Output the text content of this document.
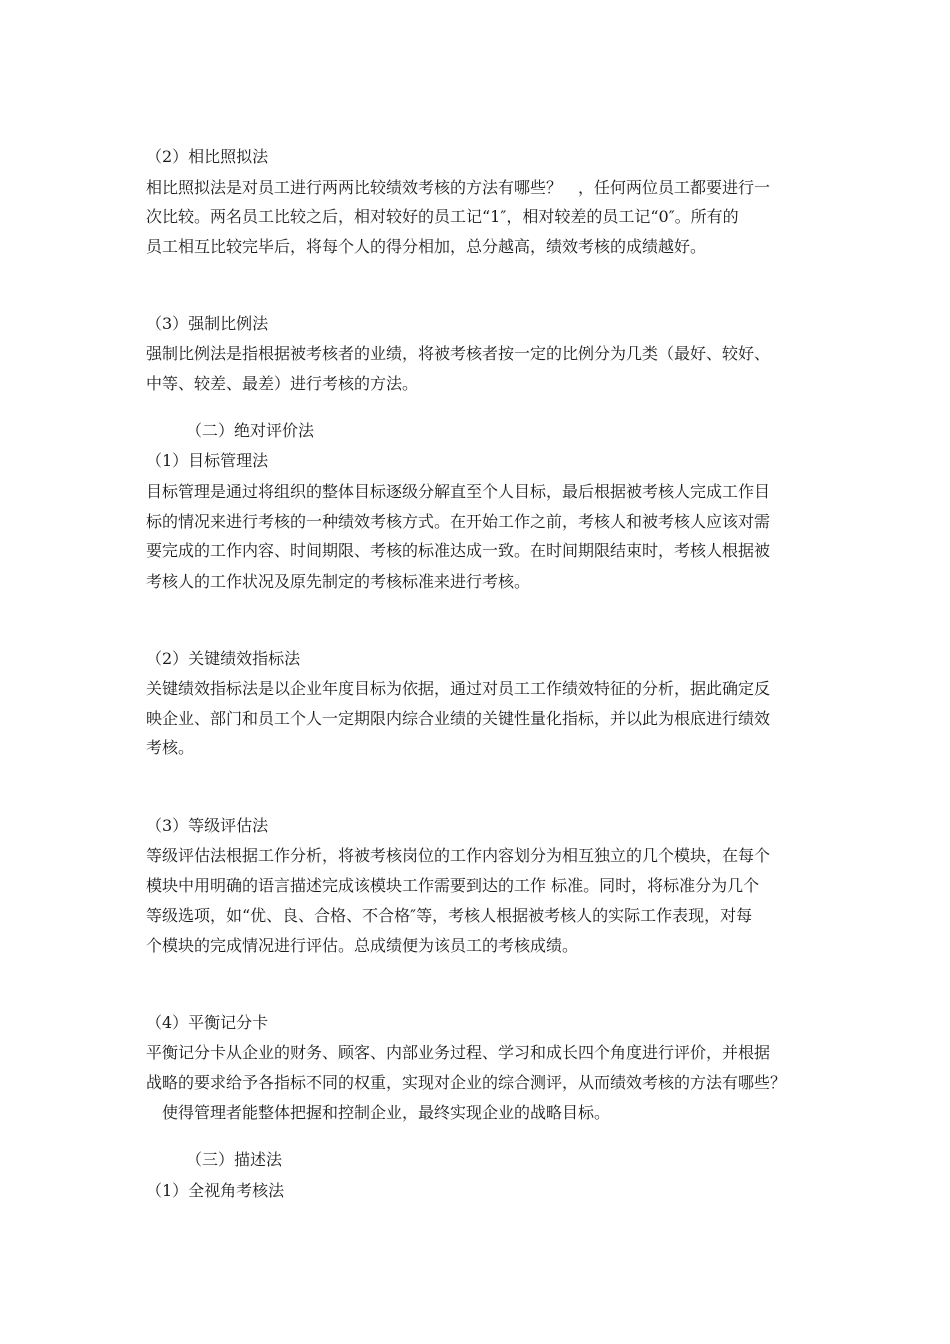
（2）相比照拟法
相比照拟法是对员工进行两两比较绩效考核的方法有哪些？　，任何两位员工都要进行一
次比较。两名员工比较之后，相对较好的员工记“1″，相对较差的员工记“0″。所有的
员工相互比较完毕后，将每个人的得分相加，总分越高，绩效考核的成绩越好。
（3）强制比例法
强制比例法是指根据被考核者的业绩，将被考核者按一定的比例分为几类（最好、较好、
中等、较差、最差）进行考核的方法。
（二）绝对评价法
（1）目标管理法
目标管理是通过将组织的整体目标逐级分解直至个人目标，最后根据被考核人完成工作目
标的情况来进行考核的一种绩效考核方式。在开始工作之前，考核人和被考核人应该对需
要完成的工作内容、时间期限、考核的标准达成一致。在时间期限结束时，考核人根据被
考核人的工作状况及原先制定的考核标准来进行考核。
（2）关键绩效指标法
关键绩效指标法是以企业年度目标为依据，通过对员工工作绩效特征的分析，据此确定反
映企业、部门和员工个人一定期限内综合业绩的关键性量化指标，并以此为根底进行绩效
考核。
（3）等级评估法
等级评估法根据工作分析，将被考核岗位的工作内容划分为相互独立的几个模块，在每个
模块中用明确的语言描述完成该模块工作需要到达的工作 标准。同时，将标准分为几个
等级选项，如“优、良、合格、不合格″等，考核人根据被考核人的实际工作表现，对每
个模块的完成情况进行评估。总成绩便为该员工的考核成绩。
（4）平衡记分卡
平衡记分卡从企业的财务、顾客、内部业务过程、学习和成长四个角度进行评价，并根据
战略的要求给予各指标不同的权重，实现对企业的综合测评，从而绩效考核的方法有哪些？
　使得管理者能整体把握和控制企业，最终实现企业的战略目标。
（三）描述法
（1）全视角考核法
